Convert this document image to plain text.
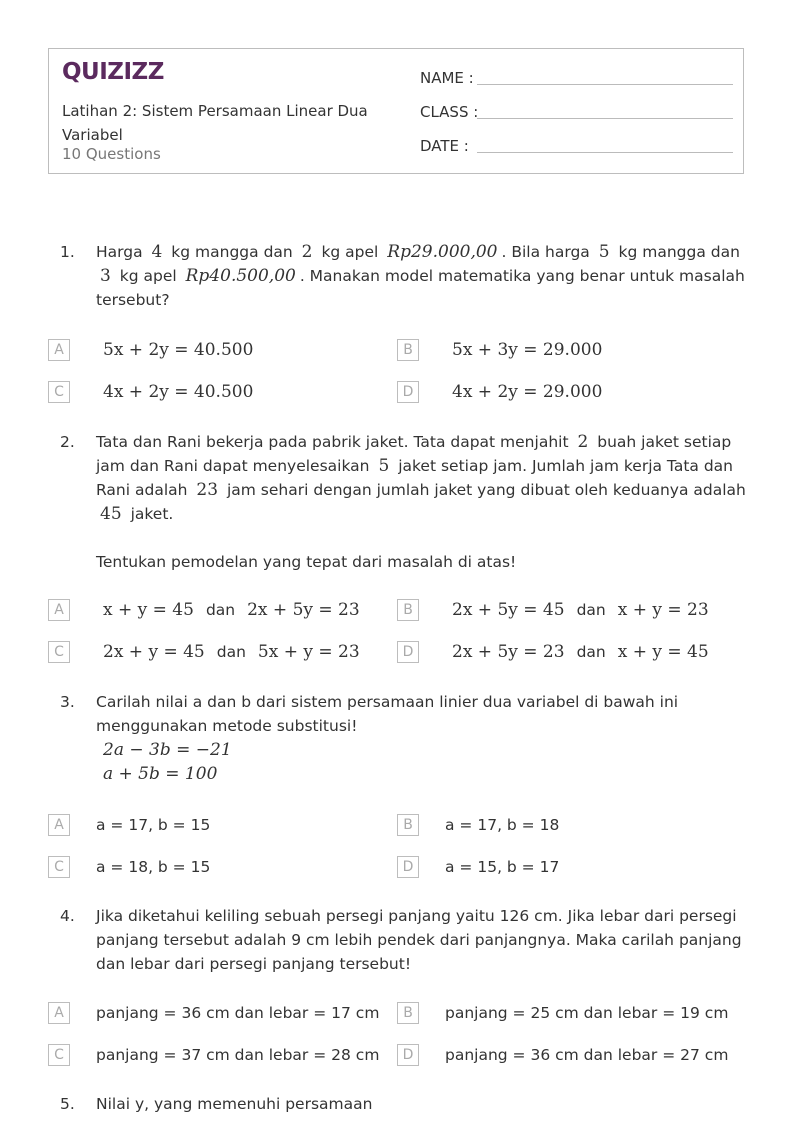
QUIZIZZ
Latihan 2: Sistem Persamaan Linear Dua Variabel
10 Questions
NAME :
CLASS :
DATE :
1. Harga 4 kg mangga dan 2 kg apel Rp29.000,00 . Bila harga 5 kg mangga dan 3 kg apel Rp40.500,00 . Manakan model matematika yang benar untuk masalah tersebut?
A	5x + 2y = 40.500	B	5x + 3y = 29.000
C	4x + 2y = 40.500	D	4x + 2y = 29.000
2. Tata dan Rani bekerja pada pabrik jaket. Tata dapat menjahit 2 buah jaket setiap jam dan Rani dapat menyelesaikan 5 jaket setiap jam. Jumlah jam kerja Tata dan Rani adalah 23 jam sehari dengan jumlah jaket yang dibuat oleh keduanya adalah 45 jaket.
Tentukan pemodelan yang tepat dari masalah di atas!
A	x + y = 45 dan 2x + 5y = 23	B	2x + 5y = 45 dan x + y = 23
C	2x + y = 45 dan 5x + y = 23	D	2x + 5y = 23 dan x + y = 45
3. Carilah nilai a dan b dari sistem persamaan linier dua variabel di bawah ini menggunakan metode substitusi!
2a − 3b = −21
a + 5b = 100
A	a = 17, b = 15	B	a = 17, b = 18
C	a = 18, b = 15	D	a = 15, b = 17
4. Jika diketahui keliling sebuah persegi panjang yaitu 126 cm. Jika lebar dari persegi panjang tersebut adalah 9 cm lebih pendek dari panjangnya. Maka carilah panjang dan lebar dari persegi panjang tersebut!
A	panjang = 36 cm dan lebar = 17 cm	B	panjang = 25 cm dan lebar = 19 cm
C	panjang = 37 cm dan lebar = 28 cm	D	panjang = 36 cm dan lebar = 27 cm
5. Nilai y, yang memenuhi persamaan
